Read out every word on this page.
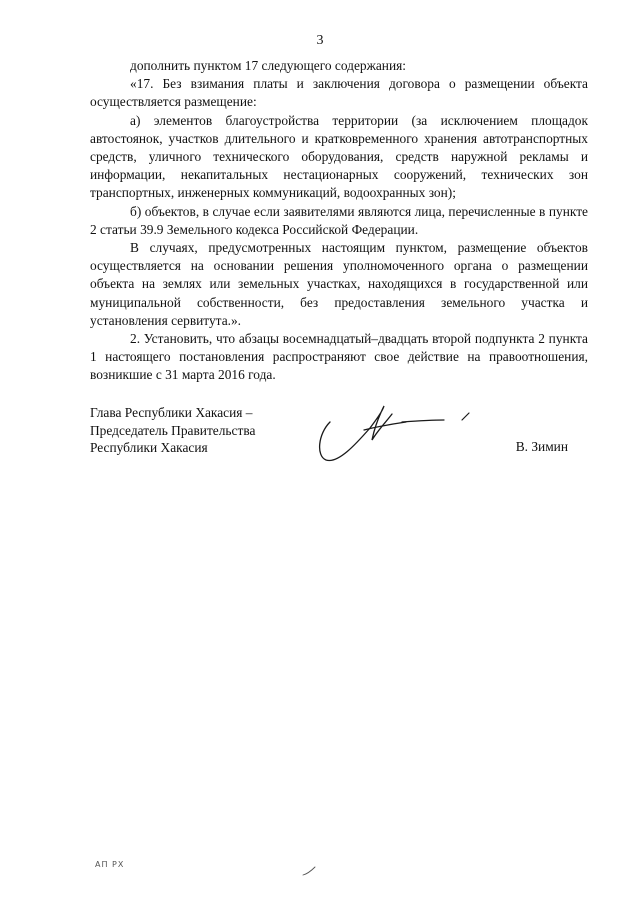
3

дополнить пунктом 17 следующего содержания:

«17. Без взимания платы и заключения договора о размещении объекта осуществляется размещение:

а) элементов благоустройства территории (за исключением площадок автостоянок, участков длительного и кратковременного хранения автотранспортных средств, уличного технического оборудования, средств наружной рекламы и информации, некапитальных нестационарных сооружений, технических зон транспортных, инженерных коммуникаций, водоохранных зон);

б) объектов, в случае если заявителями являются лица, перечисленные в пункте 2 статьи 39.9 Земельного кодекса Российской Федерации.

В случаях, предусмотренных настоящим пунктом, размещение объектов осуществляется на основании решения уполномоченного органа о размещении объекта на землях или земельных участках, находящихся в государственной или муниципальной собственности, без предоставления земельного участка и установления сервитута.».

2. Установить, что абзацы восемнадцатый–двадцать второй подпункта 2 пункта 1 настоящего постановления распространяют свое действие на правоотношения, возникшие с 31 марта 2016 года.

Глава Республики Хакасия –
Председатель Правительства
Республики Хакасия	В. Зимин
АП РХ
